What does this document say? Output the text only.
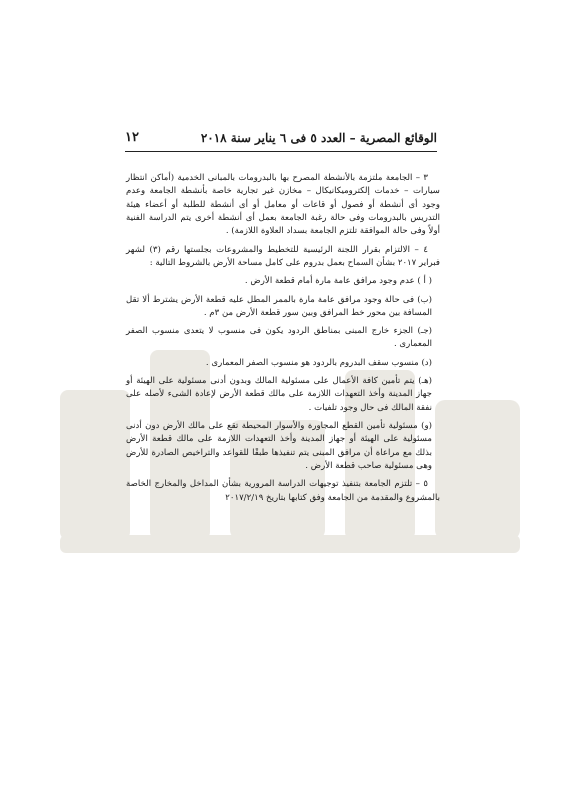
الوقائع المصرية – العدد ٥ فى ٦ يناير سنة ٢٠١٨
١٢

٣ – الجامعة ملتزمة بالأنشطة المصرح بها بالبدرومات بالمبانى الخدمية (أماكن انتظار سيارات – خدمات إلكتروميكانيكال – مخازن غير تجارية خاصة بأنشطة الجامعة وعدم وجود أى أنشطة أو فصول أو قاعات أو معامل أو أى أنشطة للطلبة أو أعضاء هيئة التدريس بالبدرومات وفى حالة رغبة الجامعة بعمل أى أنشطة أخرى يتم الدراسة الفنية أولاً وفى حالة الموافقة تلتزم الجامعة بسداد العلاوة اللازمة) .

٤ – الالتزام بقرار اللجنة الرئيسية للتخطيط والمشروعات بجلستها رقم (٣) لشهر فبراير ٢٠١٧ بشأن السماح بعمل بدروم على كامل مساحة الأرض بالشروط التالية :

( أ ) عدم وجود مرافق عامة مارة أمام قطعة الأرض .

(ب) فى حالة وجود مرافق عامة مارة بالممر المطل عليه قطعة الأرض يشترط ألا تقل المسافة بين محور خط المرافق وبين سور قطعة الأرض من ٣م .

(جـ) الجزء خارج المبنى بمناطق الردود يكون فى منسوب لا يتعدى منسوب الصفر المعمارى .

(د) منسوب سقف البدروم بالردود هو منسوب الصفر المعمارى .

(هـ) يتم تأمين كافة الأعمال على مسئولية المالك وبدون أدنى مسئولية على الهيئة أو جهاز المدينة وأخذ التعهدات اللازمة على مالك قطعة الأرض لإعادة الشىء لأصله على نفقة المالك فى حال وجود تلفيات .

(و) مسئولية تأمين القطع المجاورة والأسوار المحيطة تقع على مالك الأرض دون أدنى مسئولية على الهيئة أو جهاز المدينة وأخذ التعهدات اللازمة على مالك قطعة الأرض بذلك مع مراعاة أن مرافق المبنى يتم تنفيذها طبقًا للقواعد والتراخيص الصادرة للأرض وهى مسئولية صاحب قطعة الأرض .

٥ – تلتزم الجامعة بتنفيذ توجيهات الدراسة المرورية بشأن المداخل والمخارج الخاصة بالمشروع والمقدمة من الجامعة وفق كتابها بتاريخ ٢٠١٧/٢/١٩
